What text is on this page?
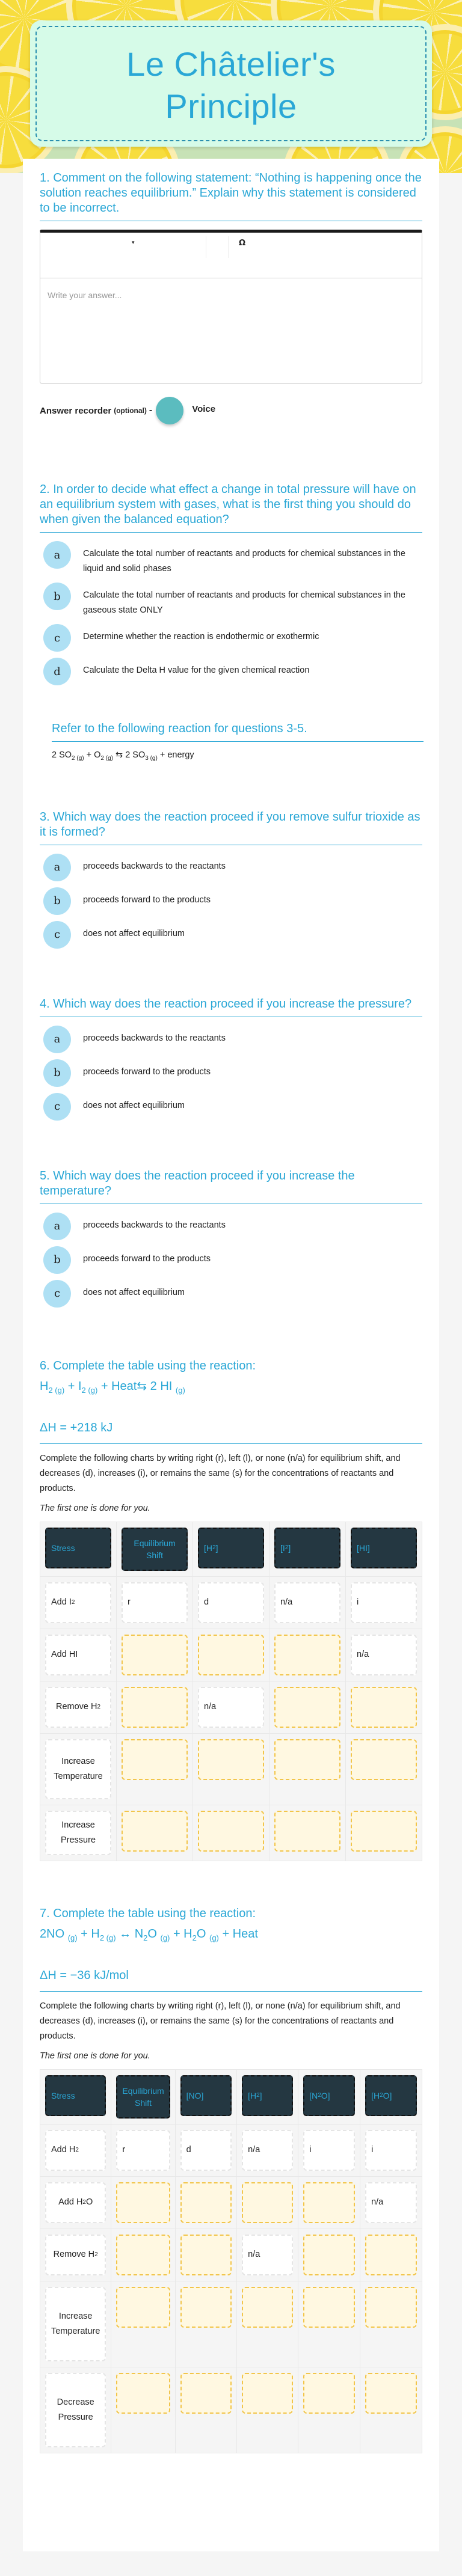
Le Châtelier's
Principle
1. Comment on the following statement: “Nothing is happening once the solution reaches equilibrium.” Explain why this statement is considered to be incorrect.
▾	Ω
Write your answer...
Answer recorder (optional) -	Voice
2. In order to decide what effect a change in total pressure will have on an equilibrium system with gases, what is the first thing you should do when given the balanced equation?
a	Calculate the total number of reactants and products for chemical substances in the liquid and solid phases
b	Calculate the total number of reactants and products for chemical substances in the gaseous state ONLY
c	Determine whether the reaction is endothermic or exothermic
d	Calculate the Delta H value for the given chemical reaction
Refer to the following reaction for questions 3-5.
2 $SO_{2 (g)} + O_{2 (g)}$ ⇆ 2 $SO_{3 (g)}$ + energy
3. Which way does the reaction proceed if you remove sulfur trioxide as it is formed?
a	proceeds backwards to the reactants
b	proceeds forward to the products
c	does not affect equilibrium
4. Which way does the reaction proceed if you increase the pressure?
a	proceeds backwards to the reactants
b	proceeds forward to the products
c	does not affect equilibrium
5. Which way does the reaction proceed if you increase the temperature?
a	proceeds backwards to the reactants
b	proceeds forward to the products
c	does not affect equilibrium
6. Complete the table using the reaction:
$H_{2 (g)} + I_{2 (g)}$ + Heat⇆ 2 HI $_{(g)}$
ΔH = +218 kJ
Complete the following charts by writing right (r), left (l), or none (n/a) for equilibrium shift, and decreases (d), increases (i), or remains the same (s) for the concentrations of reactants and products.
The first one is done for you.
Stress	Equilibrium Shift	[H 2 ]	[I 2 ]	[HI]

Add I 2	r	d	n/a	i

Add HI				n/a

Remove H 2		n/a

Increase Temperature

Increase Pressure

7. Complete the table using the reaction:
2NO $_{(g)} + H_{2 (g)}$ ↔ $N_2O$ $_{(g)} + H_2O$ $_{(g)}$ + Heat
ΔH = −36 kJ/mol
Complete the following charts by writing right (r), left (l), or none (n/a) for equilibrium shift, and decreases (d), increases (i), or remains the same (s) for the concentrations of reactants and products.
The first one is done for you.
Stress	Equilibrium Shift	[NO]	[H 2 ]	[N 2 O]	[H 2 O]

Add H 2	r	d	n/a	i	i

Add H 2 O					n/a

Remove H 2			n/a

Increase Temperature

Decrease Pressure
